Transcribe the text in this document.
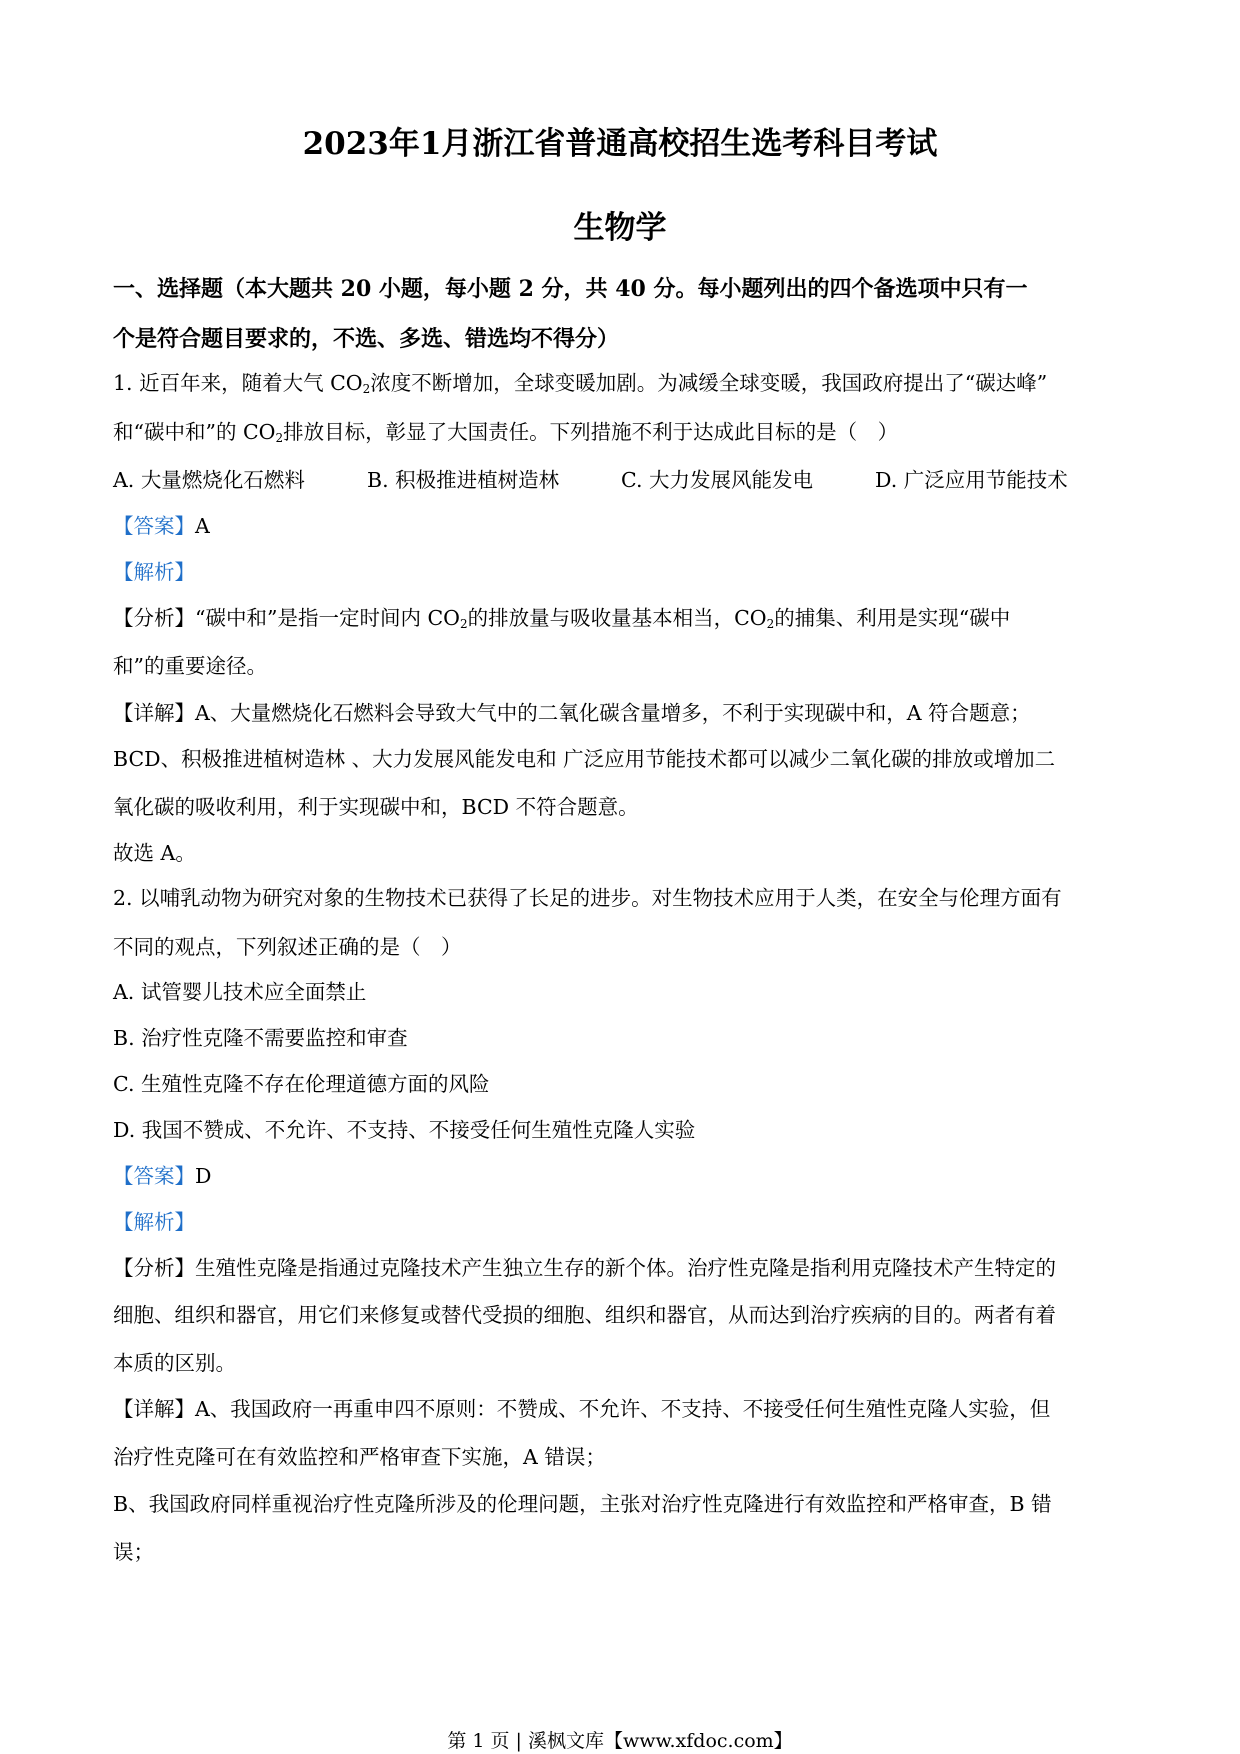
2023年1月浙江省普通高校招生选考科目考试
生物学
一、选择题（本大题共 20 小题，每小题 2 分，共 40 分。每小题列出的四个备选项中只有一
个是符合题目要求的，不选、多选、错选均不得分）
1. 近百年来，随着大气 $CO_2$浓度不断增加，全球变暖加剧。为减缓全球变暖，我国政府提出了“碳达峰”
和“碳中和”的 $CO_2$排放目标，彰显了大国责任。下列措施不利于达成此目标的是（　）
A. 大量燃烧化石燃料	B. 积极推进植树造林	C. 大力发展风能发电	D. 广泛应用节能技术
【答案】A
【解析】
【分析】“碳中和”是指一定时间内 $CO_2$的排放量与吸收量基本相当，$CO_2$的捕集、利用是实现“碳中
和”的重要途径。
【详解】A、大量燃烧化石燃料会导致大气中的二氧化碳含量增多，不利于实现碳中和，A 符合题意；
BCD、积极推进植树造林 、大力发展风能发电和 广泛应用节能技术都可以减少二氧化碳的排放或增加二
氧化碳的吸收利用，利于实现碳中和，BCD 不符合题意。
故选 A。
2. 以哺乳动物为研究对象的生物技术已获得了长足的进步。对生物技术应用于人类，在安全与伦理方面有
不同的观点，下列叙述正确的是（　）
A. 试管婴儿技术应全面禁止
B. 治疗性克隆不需要监控和审查
C. 生殖性克隆不存在伦理道德方面的风险
D. 我国不赞成、不允许、不支持、不接受任何生殖性克隆人实验
【答案】D
【解析】
【分析】生殖性克隆是指通过克隆技术产生独立生存的新个体。治疗性克隆是指利用克隆技术产生特定的
细胞、组织和器官，用它们来修复或替代受损的细胞、组织和器官，从而达到治疗疾病的目的。两者有着
本质的区别。
【详解】A、我国政府一再重申四不原则：不赞成、不允许、不支持、不接受任何生殖性克隆人实验，但
治疗性克隆可在有效监控和严格审查下实施，A 错误；
B、我国政府同样重视治疗性克隆所涉及的伦理问题，主张对治疗性克隆进行有效监控和严格审查，B 错
误；
第 1 页 | 溪枫文库【www.xfdoc.com】
